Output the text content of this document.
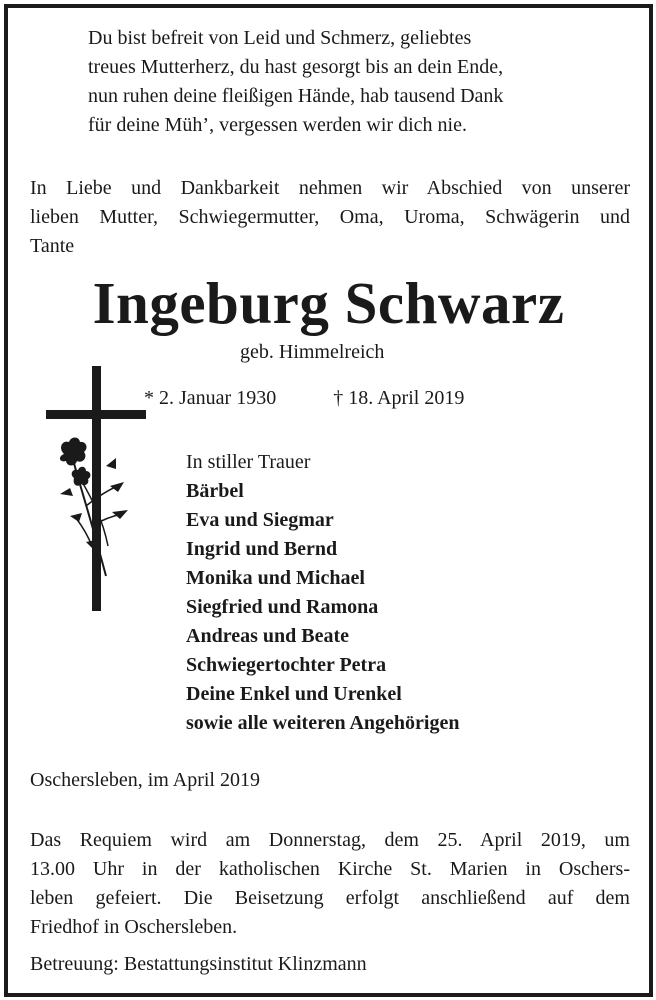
Du bist befreit von Leid und Schmerz, geliebtes
treues Mutterherz, du hast gesorgt bis an dein Ende,
nun ruhen deine fleißigen Hände, hab tausend Dank
für deine Müh’, vergessen werden wir dich nie.
In Liebe und Dankbarkeit nehmen wir Abschied von unserer
lieben Mutter, Schwiegermutter, Oma, Uroma, Schwägerin und
Tante
Ingeburg Schwarz
geb. Himmelreich
* 2. Januar 1930	† 18. April 2019
In stiller Trauer
Bärbel
Eva und Siegmar
Ingrid und Bernd
Monika und Michael
Siegfried und Ramona
Andreas und Beate
Schwiegertochter Petra
Deine Enkel und Urenkel
sowie alle weiteren Angehörigen
Oschersleben, im April 2019
Das Requiem wird am Donnerstag, dem 25. April 2019, um
13.00 Uhr in der katholischen Kirche St. Marien in Oschers-
leben gefeiert. Die Beisetzung erfolgt anschließend auf dem
Friedhof in Oschersleben.
Betreuung: Bestattungsinstitut Klinzmann
